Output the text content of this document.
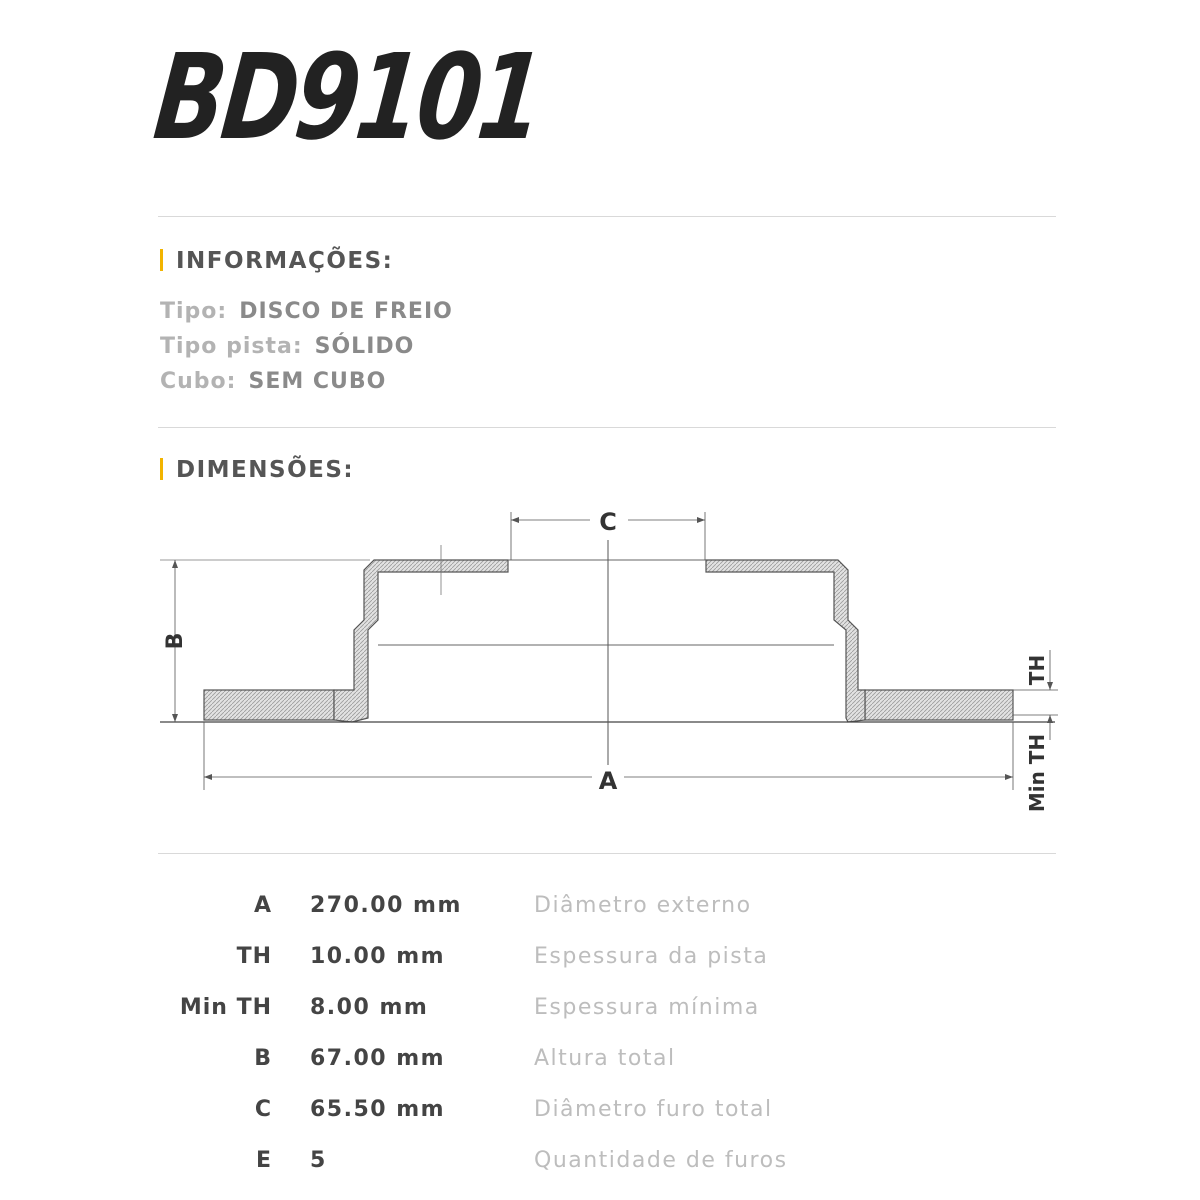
BD9101
INFORMAÇÕES:
Tipo: DISCO DE FREIO
Tipo pista: SÓLIDO
Cubo: SEM CUBO
DIMENSÕES:
C
B
A
TH
Min TH
A 270.00 mm	Diâmetro externo
TH 10.00 mm	Espessura da pista
Min TH 8.00 mm	Espessura mínima
B 67.00 mm	Altura total
C 65.50 mm	Diâmetro furo total
E 5	Quantidade de furos
